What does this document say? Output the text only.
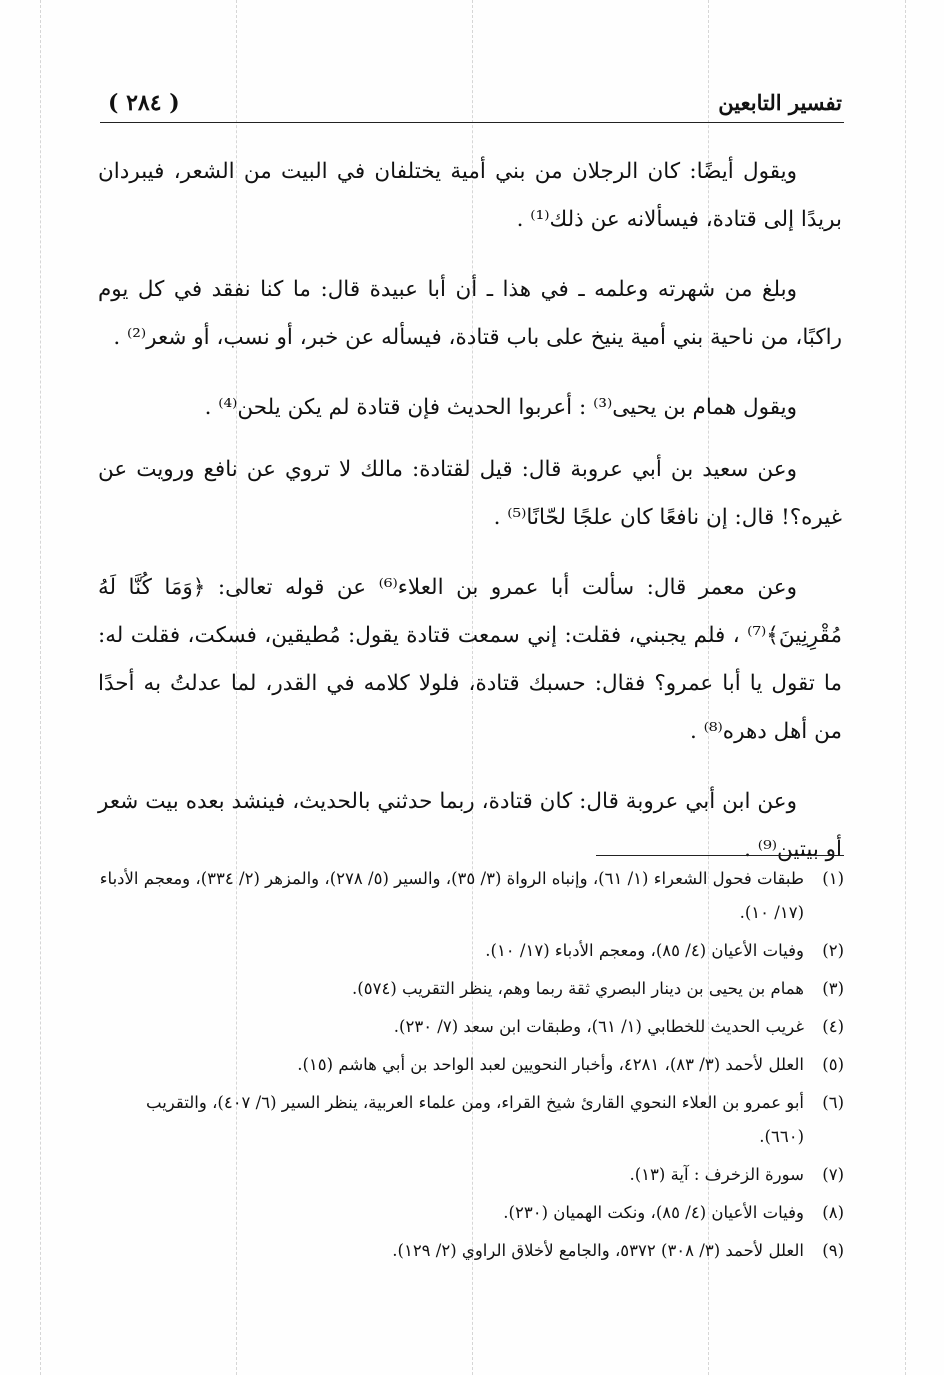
( ٢٨٤ )	تفسير التابعين

ويقول أيضًا: كان الرجلان من بني أمية يختلفان في البيت من الشعر، فيبردان بريدًا إلى قتادة، فيسألانه عن ذلك⁽¹⁾ .

وبلغ من شهرته وعلمه ـ في هذا ـ أن أبا عبيدة قال: ما كنا نفقد في كل يوم راكبًا، من ناحية بني أمية ينيخ على باب قتادة، فيسأله عن خبر، أو نسب، أو شعر⁽²⁾ .

ويقول همام بن يحيى⁽³⁾ : أعربوا الحديث فإن قتادة لم يكن يلحن⁽⁴⁾ .

وعن سعيد بن أبي عروبة قال: قيل لقتادة: مالك لا تروي عن نافع ورويت عن غيره؟! قال: إن نافعًا كان علجًا لحّانًا⁽⁵⁾ .

وعن معمر قال: سألت أبا عمرو بن العلاء⁽⁶⁾ عن قوله تعالى: ﴿وَمَا كُنَّا لَهُ مُقْرِنِينَ﴾⁽⁷⁾ ، فلم يجبني، فقلت: إني سمعت قتادة يقول: مُطيقين، فسكت، فقلت له: ما تقول يا أبا عمرو؟ فقال: حسبك قتادة، فلولا كلامه في القدر، لما عدلتُ به أحدًا من أهل دهره⁽⁸⁾ .

وعن ابن أبي عروبة قال: كان قتادة، ربما حدثني بالحديث، فينشد بعده بيت شعر أو بيتين⁽⁹⁾ .

(١)
طبقات فحول الشعراء (١/ ٦١)، وإنباه الرواة (٣/ ٣٥)، والسير (٥/ ٢٧٨)، والمزهر (٢/ ٣٣٤)، ومعجم الأدباء (١٧/ ١٠).
(٢)
وفيات الأعيان (٤/ ٨٥)، ومعجم الأدباء (١٧/ ١٠).
(٣)
همام بن يحيى بن دينار البصري ثقة ربما وهم، ينظر التقريب (٥٧٤).
(٤)
غريب الحديث للخطابي (١/ ٦١)، وطبقات ابن سعد (٧/ ٢٣٠).
(٥)
العلل لأحمد (٣/ ٨٣)، ٤٢٨١، وأخبار النحويين لعبد الواحد بن أبي هاشم (١٥).
(٦)
أبو عمرو بن العلاء النحوي القارئ شيخ القراء، ومن علماء العربية، ينظر السير (٦/ ٤٠٧)، والتقريب (٦٦٠).
(٧)
سورة الزخرف : آية (١٣).
(٨)
وفيات الأعيان (٤/ ٨٥)، ونكت الهميان (٢٣٠).
(٩)
العلل لأحمد (٣/ ٣٠٨) ٥٣٧٢، والجامع لأخلاق الراوي (٢/ ١٢٩).
